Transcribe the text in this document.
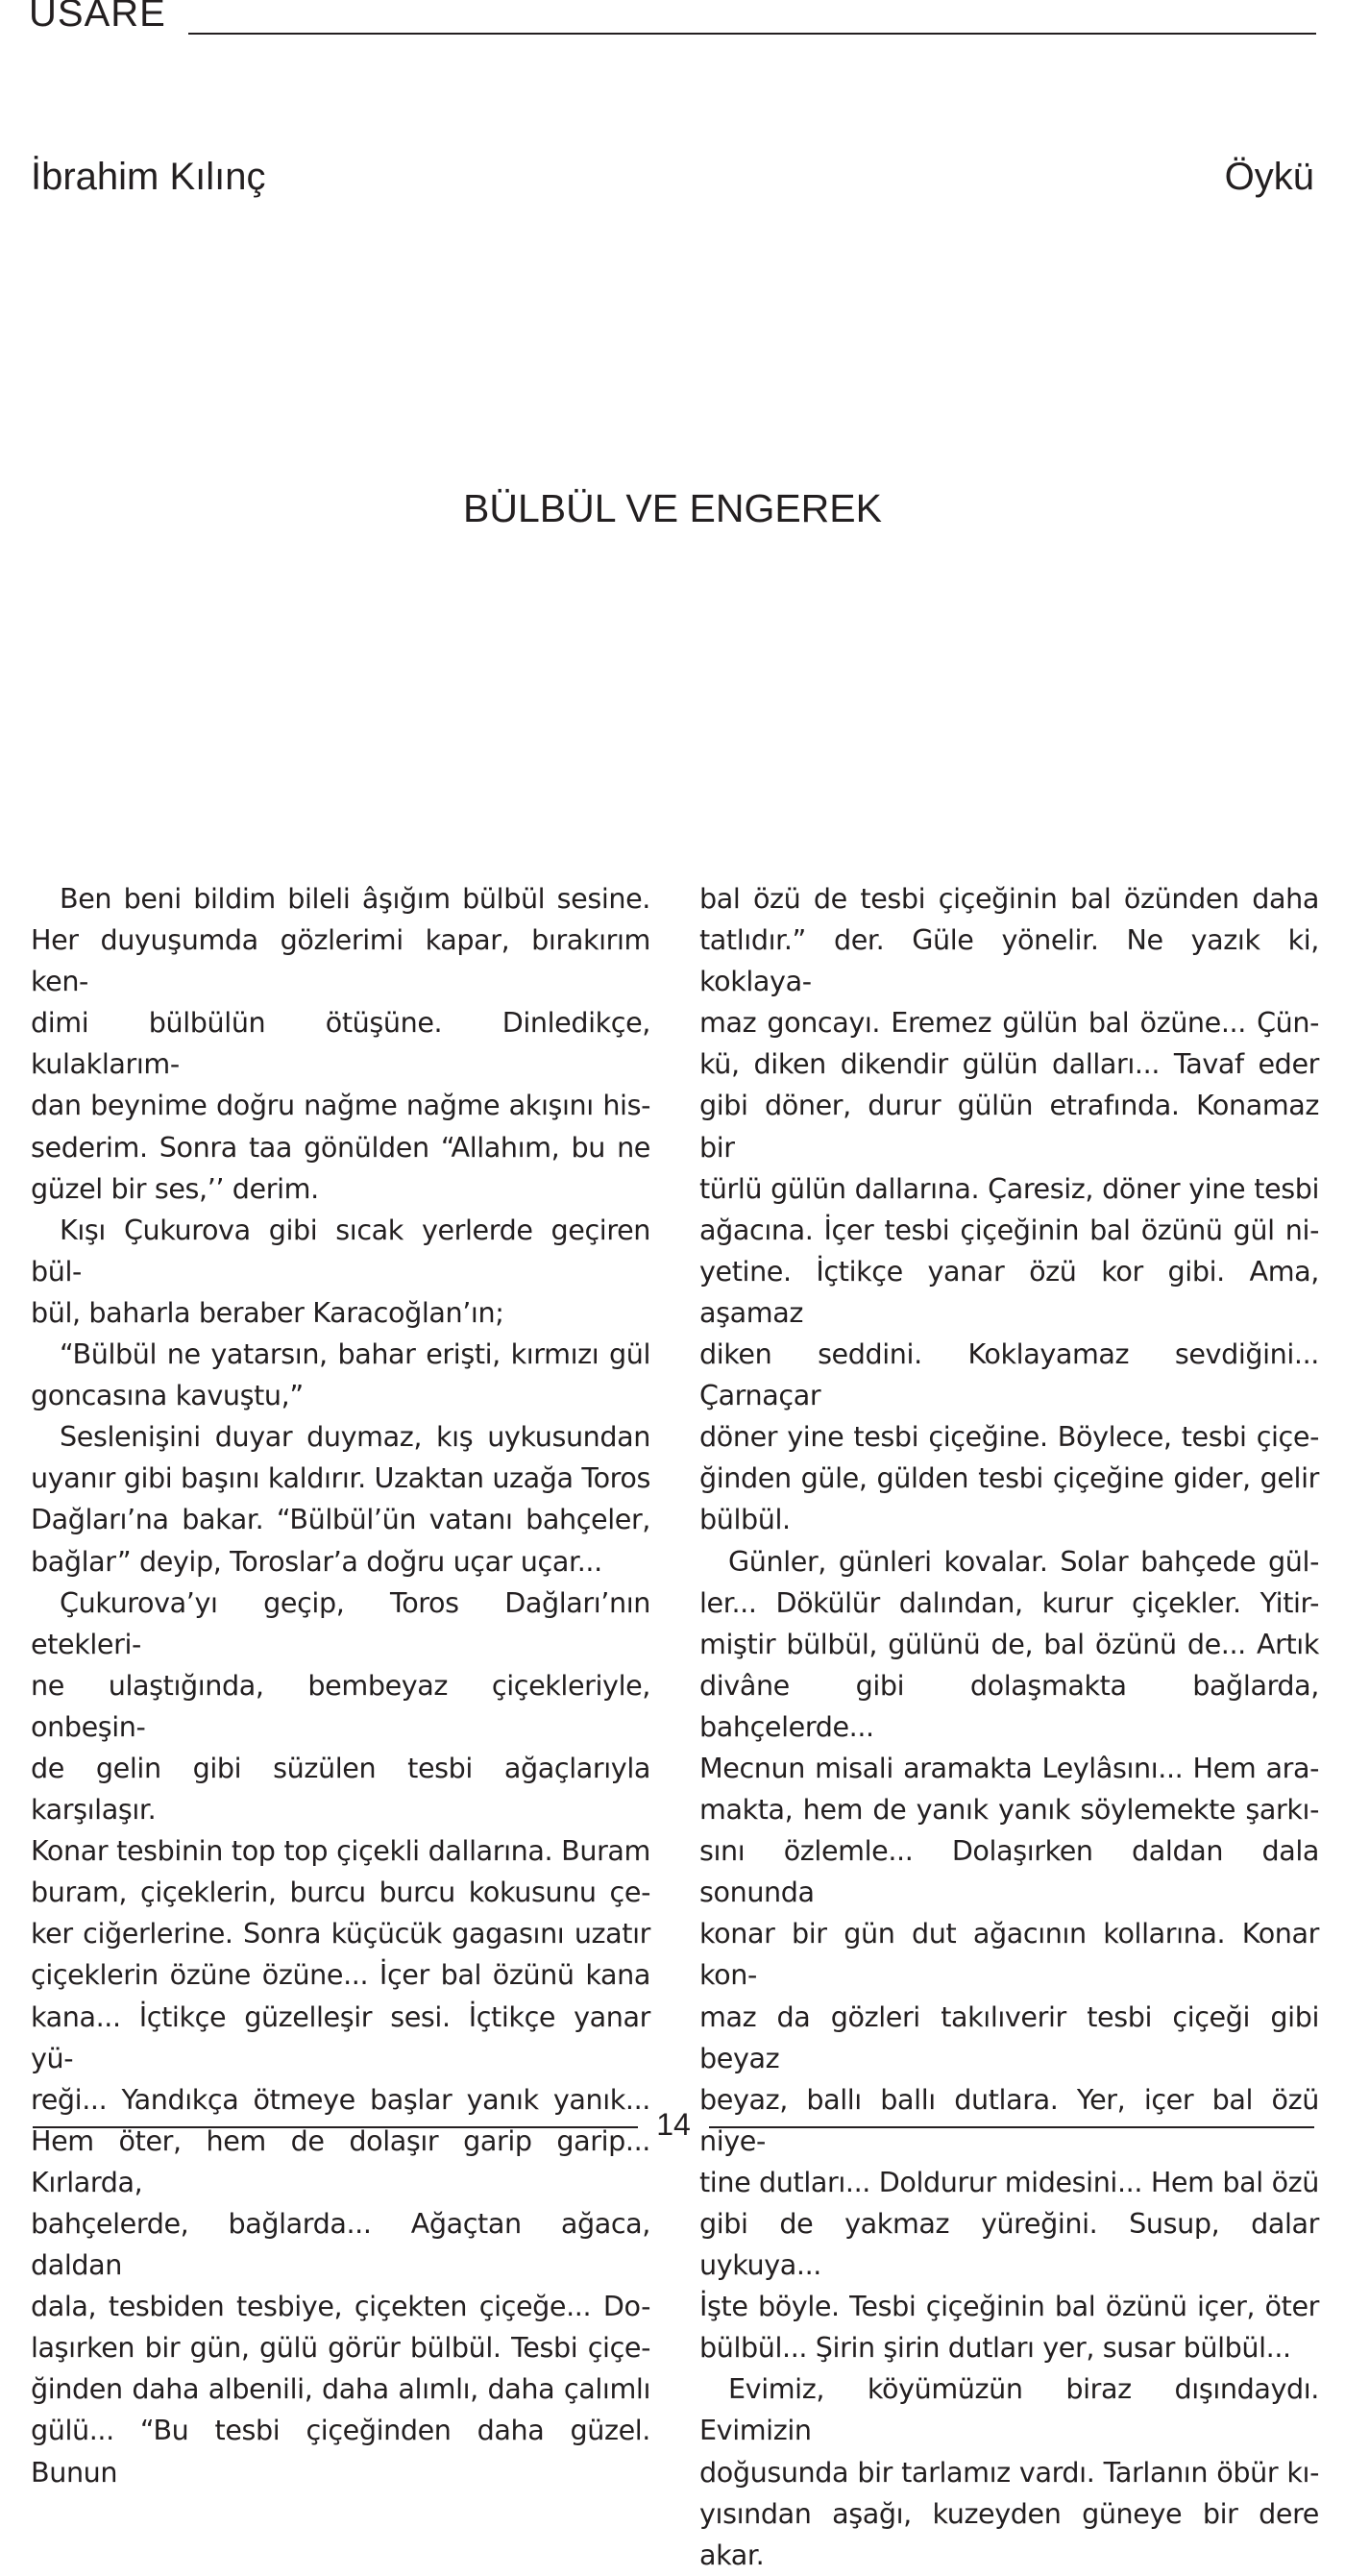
USARE
İbrahim Kılınç	Öykü
BÜLBÜL VE ENGEREK

Ben beni bildim bileli âşığım bülbül sesine.

Her duyuşumda gözlerimi kapar, bırakırım ken-

dimi bülbülün ötüşüne. Dinledikçe, kulaklarım-

dan beynime doğru nağme nağme akışını his-

sederim. Sonra taa gönülden “Allahım, bu ne

güzel bir ses,’’ derim.

Kışı Çukurova gibi sıcak yerlerde geçiren bül-

bül, baharla beraber Karacoğlan’ın;

“Bülbül ne yatarsın, bahar erişti, kırmızı gül

goncasına kavuştu,”

Seslenişini duyar duymaz, kış uykusundan

uyanır gibi başını kaldırır. Uzaktan uzağa Toros

Dağları’na bakar. “Bülbül’ün vatanı bahçeler,

bağlar” deyip, Toroslar’a doğru uçar uçar...

Çukurova’yı geçip, Toros Dağları’nın etekleri-

ne ulaştığında, bembeyaz çiçekleriyle, onbeşin-

de gelin gibi süzülen tesbi ağaçlarıyla karşılaşır.

Konar tesbinin top top çiçekli dallarına. Buram

buram, çiçeklerin, burcu burcu kokusunu çe-

ker ciğerlerine. Sonra küçücük gagasını uzatır

çiçeklerin özüne özüne... İçer bal özünü kana

kana... İçtikçe güzelleşir sesi. İçtikçe yanar yü-

reği... Yandıkça ötmeye başlar yanık yanık...

Hem öter, hem de dolaşır garip garip... Kırlarda,

bahçelerde, bağlarda... Ağaçtan ağaca, daldan

dala, tesbiden tesbiye, çiçekten çiçeğe... Do-

laşırken bir gün, gülü görür bülbül. Tesbi çiçe-

ğinden daha albenili, daha alımlı, daha çalımlı

gülü... “Bu tesbi çiçeğinden daha güzel. Bunun

bal özü de tesbi çiçeğinin bal özünden daha

tatlıdır.” der. Güle yönelir. Ne yazık ki, koklaya-

maz goncayı. Eremez gülün bal özüne... Çün-

kü, diken dikendir gülün dalları... Tavaf eder

gibi döner, durur gülün etrafında. Konamaz bir

türlü gülün dallarına. Çaresiz, döner yine tesbi

ağacına. İçer tesbi çiçeğinin bal özünü gül ni-

yetine. İçtikçe yanar özü kor gibi. Ama, aşamaz

diken seddini. Koklayamaz sevdiğini... Çarnaçar

döner yine tesbi çiçeğine. Böylece, tesbi çiçe-

ğinden güle, gülden tesbi çiçeğine gider, gelir

bülbül.

Günler, günleri kovalar. Solar bahçede gül-

ler... Dökülür dalından, kurur çiçekler. Yitir-

miştir bülbül, gülünü de, bal özünü de... Artık

divâne gibi dolaşmakta bağlarda, bahçelerde...

Mecnun misali aramakta Leylâsını... Hem ara-

makta, hem de yanık yanık söylemekte şarkı-

sını özlemle... Dolaşırken daldan dala sonunda

konar bir gün dut ağacının kollarına. Konar kon-

maz da gözleri takılıverir tesbi çiçeği gibi beyaz

beyaz, ballı ballı dutlara. Yer, içer bal özü niye-

tine dutları... Doldurur midesini... Hem bal özü

gibi de yakmaz yüreğini. Susup, dalar uykuya...

İşte böyle. Tesbi çiçeğinin bal özünü içer, öter

bülbül... Şirin şirin dutları yer, susar bülbül...

Evimiz, köyümüzün biraz dışındaydı. Evimizin

doğusunda bir tarlamız vardı. Tarlanın öbür kı-

yısından aşağı, kuzeyden güneye bir dere akar.

14
